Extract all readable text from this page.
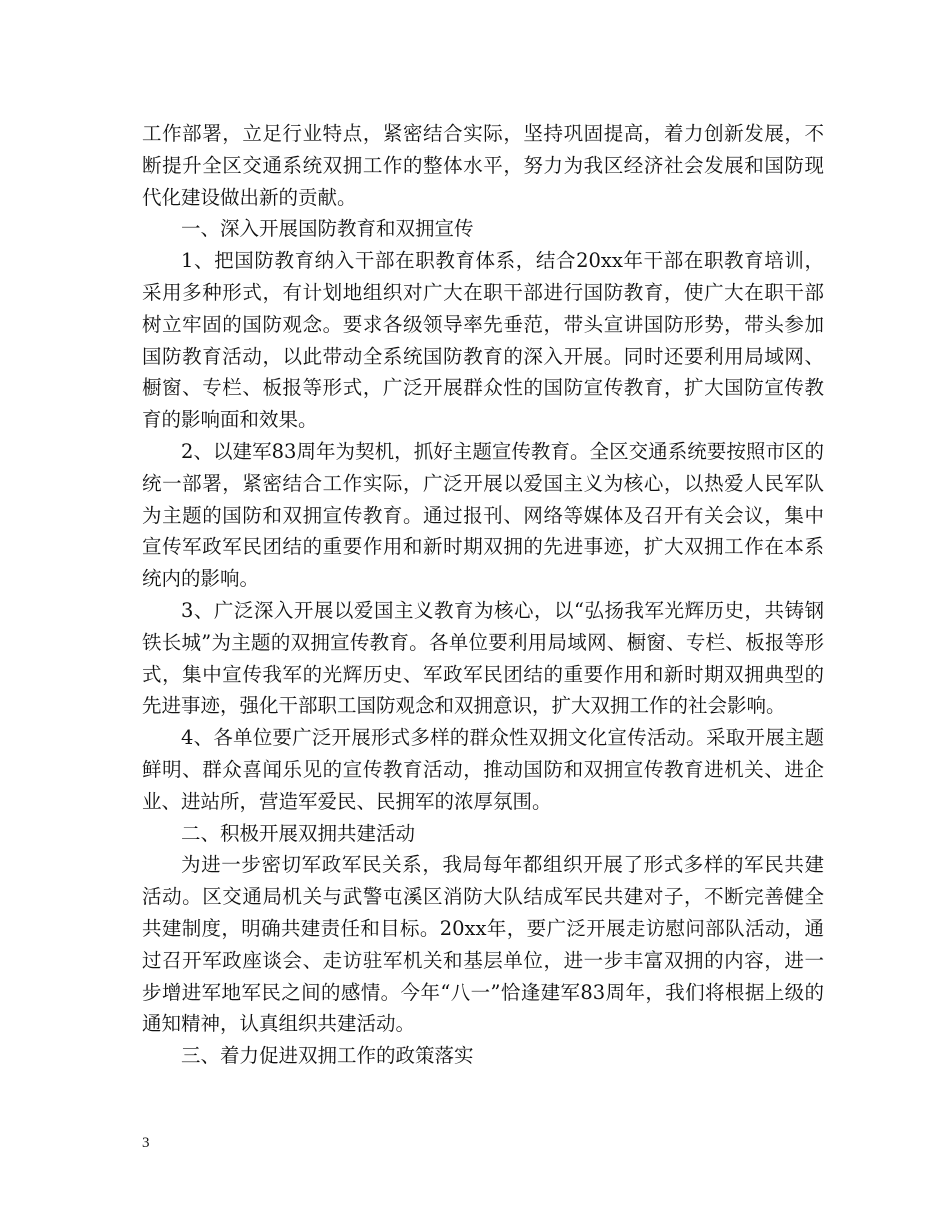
工作部署，立足行业特点，紧密结合实际，坚持巩固提高，着力创新发展，不断提升全区交通系统双拥工作的整体水平，努力为我区经济社会发展和国防现代化建设做出新的贡献。

一、深入开展国防教育和双拥宣传

1、把国防教育纳入干部在职教育体系，结合20xx年干部在职教育培训，采用多种形式，有计划地组织对广大在职干部进行国防教育，使广大在职干部树立牢固的国防观念。要求各级领导率先垂范，带头宣讲国防形势，带头参加国防教育活动，以此带动全系统国防教育的深入开展。同时还要利用局域网、橱窗、专栏、板报等形式，广泛开展群众性的国防宣传教育，扩大国防宣传教育的影响面和效果。

2、以建军83周年为契机，抓好主题宣传教育。全区交通系统要按照市区的统一部署，紧密结合工作实际，广泛开展以爱国主义为核心，以热爱人民军队为主题的国防和双拥宣传教育。通过报刊、网络等媒体及召开有关会议，集中宣传军政军民团结的重要作用和新时期双拥的先进事迹，扩大双拥工作在本系统内的影响。

3、广泛深入开展以爱国主义教育为核心，以“弘扬我军光辉历史，共铸钢铁长城”为主题的双拥宣传教育。各单位要利用局域网、橱窗、专栏、板报等形式，集中宣传我军的光辉历史、军政军民团结的重要作用和新时期双拥典型的先进事迹，强化干部职工国防观念和双拥意识，扩大双拥工作的社会影响。

4、各单位要广泛开展形式多样的群众性双拥文化宣传活动。采取开展主题鲜明、群众喜闻乐见的宣传教育活动，推动国防和双拥宣传教育进机关、进企业、进站所，营造军爱民、民拥军的浓厚氛围。

二、积极开展双拥共建活动

为进一步密切军政军民关系，我局每年都组织开展了形式多样的军民共建活动。区交通局机关与武警屯溪区消防大队结成军民共建对子，不断完善健全共建制度，明确共建责任和目标。20xx年，要广泛开展走访慰问部队活动，通过召开军政座谈会、走访驻军机关和基层单位，进一步丰富双拥的内容，进一步增进军地军民之间的感情。今年“八一”恰逢建军83周年，我们将根据上级的通知精神，认真组织共建活动。

三、着力促进双拥工作的政策落实

3
